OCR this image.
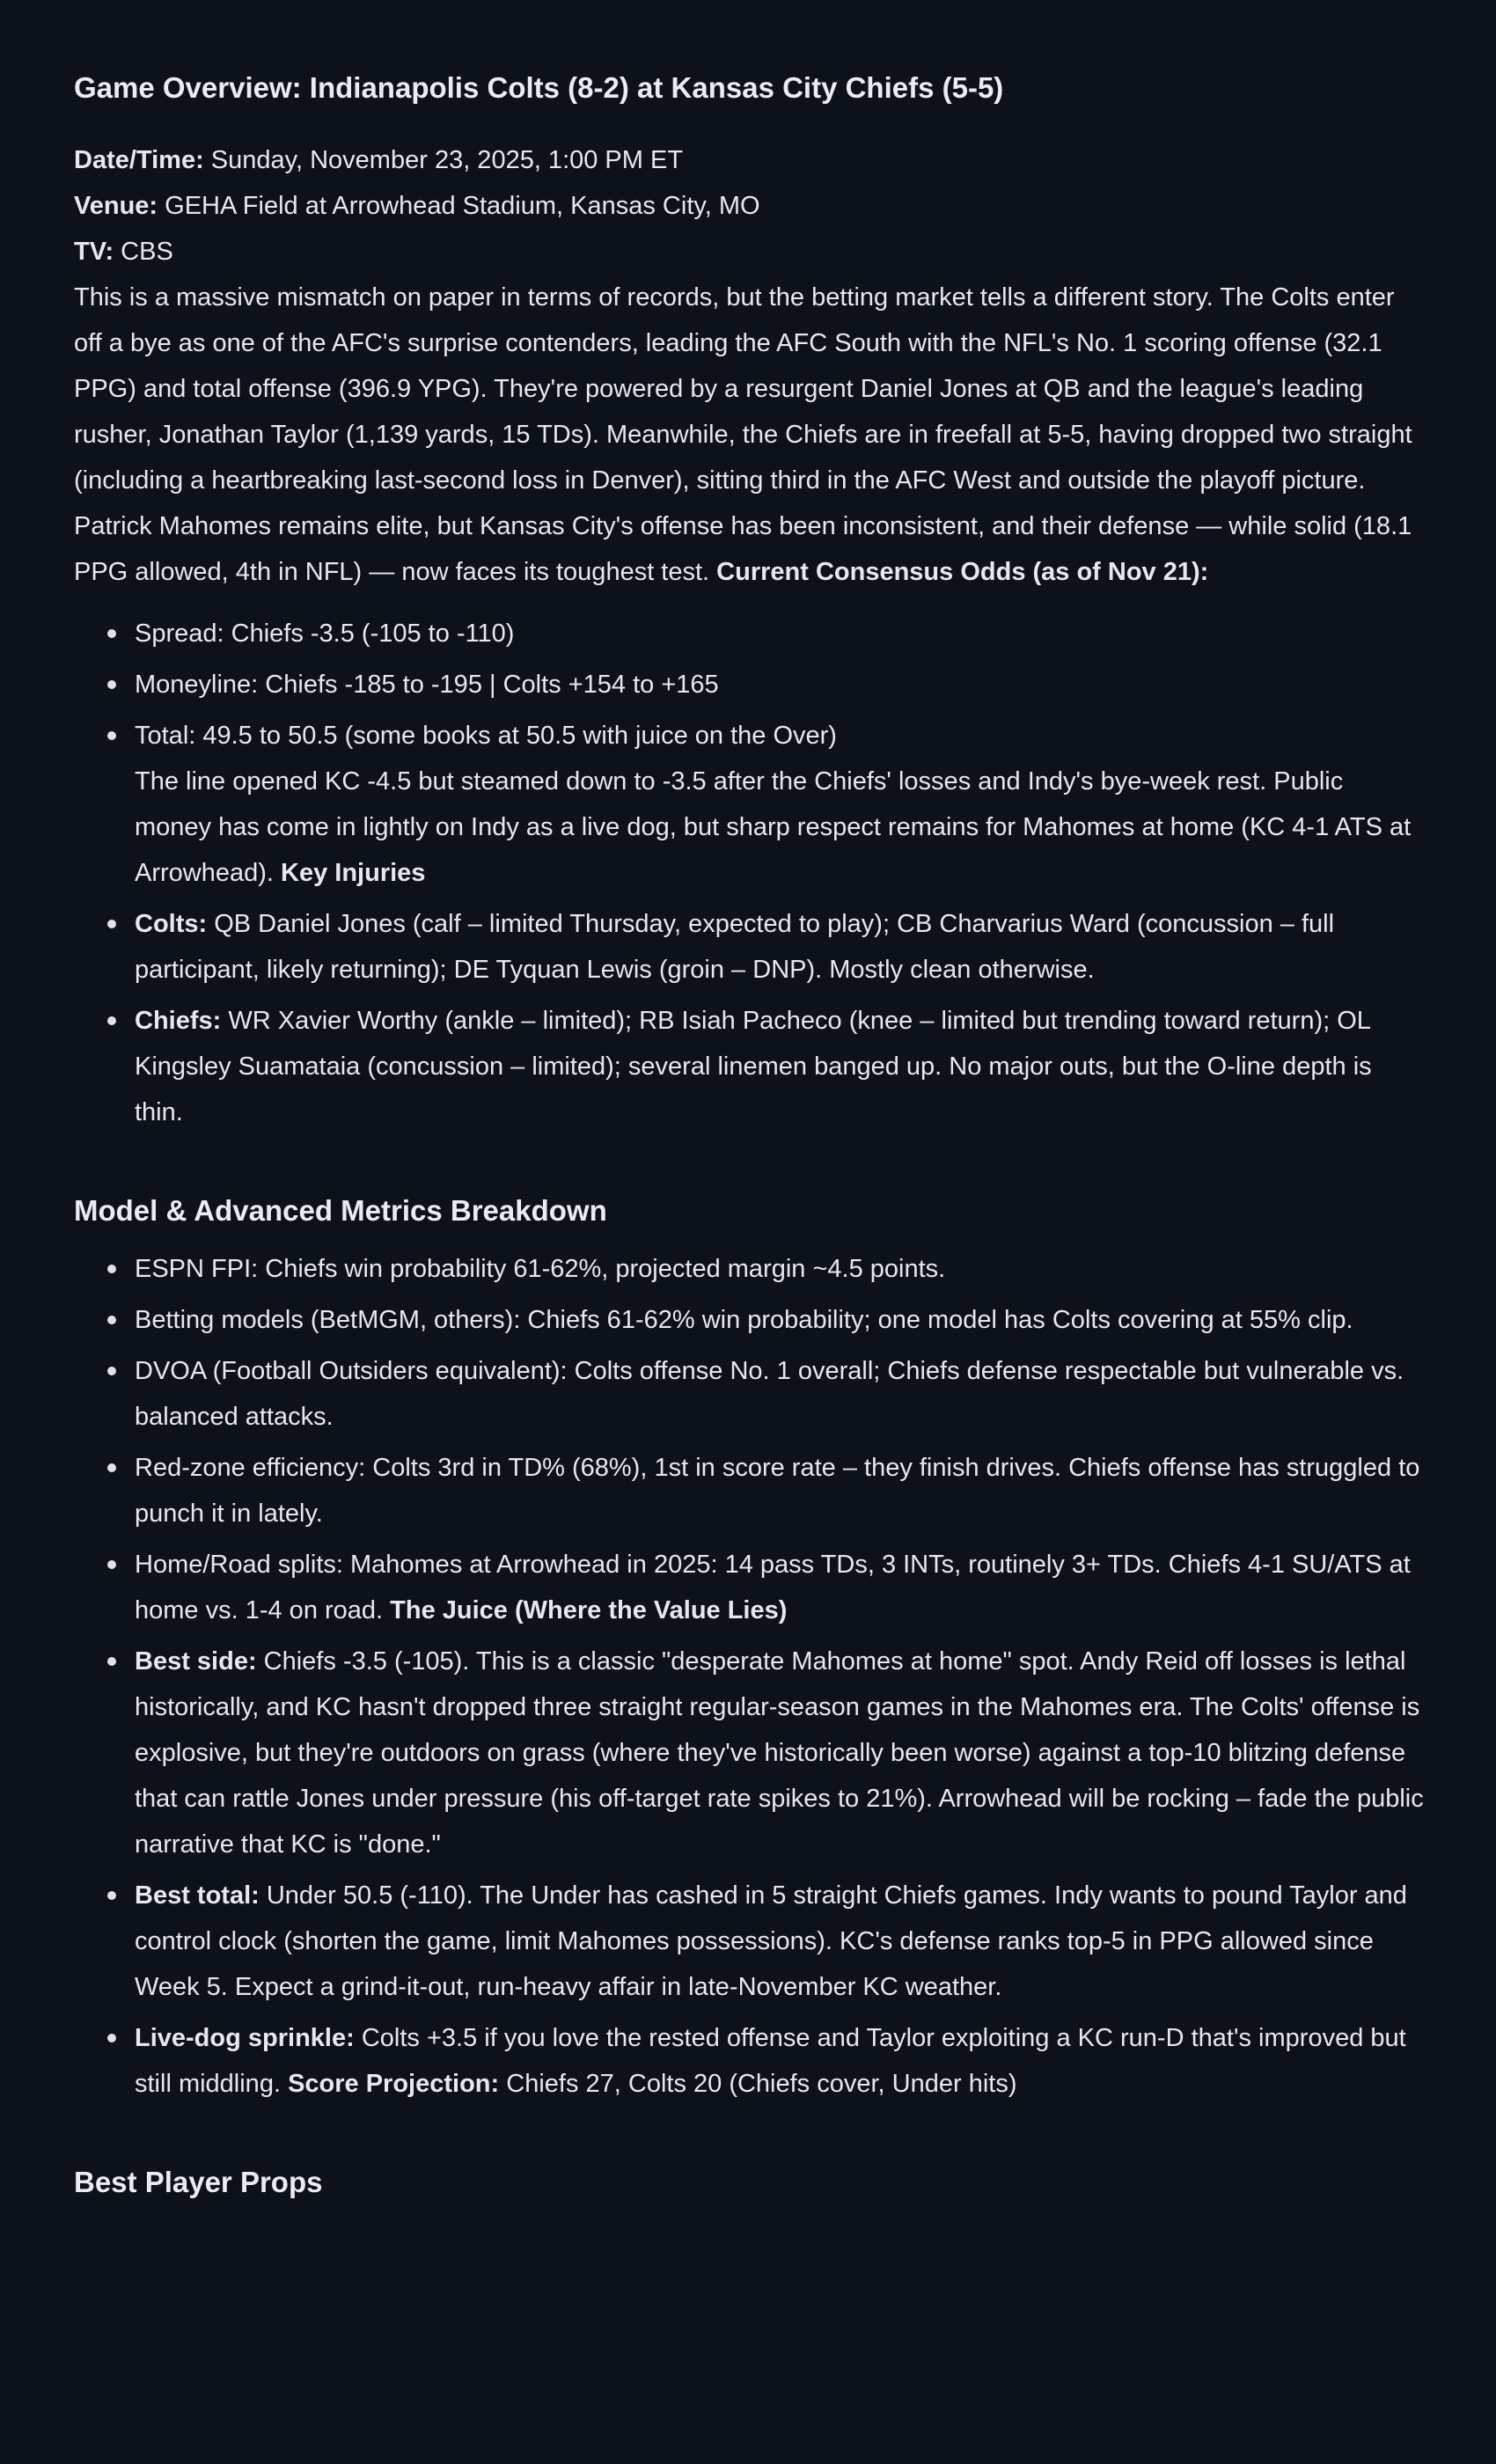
Game Overview: Indianapolis Colts (8-2) at Kansas City Chiefs (5-5)

Date/Time: Sunday, November 23, 2025, 1:00 PM ET
Venue: GEHA Field at Arrowhead Stadium, Kansas City, MO
TV: CBS
This is a massive mismatch on paper in terms of records, but the betting market tells a different story. The Colts enter off a bye as one of the AFC's surprise contenders, leading the AFC South with the NFL's No. 1 scoring offense (32.1 PPG) and total offense (396.9 YPG). They're powered by a resurgent Daniel Jones at QB and the league's leading rusher, Jonathan Taylor (1,139 yards, 15 TDs). Meanwhile, the Chiefs are in freefall at 5-5, having dropped two straight (including a heartbreaking last-second loss in Denver), sitting third in the AFC West and outside the playoff picture. Patrick Mahomes remains elite, but Kansas City's offense has been inconsistent, and their defense — while solid (18.1 PPG allowed, 4th in NFL) — now faces its toughest test. Current Consensus Odds (as of Nov 21):

Spread: Chiefs -3.5 (-105 to -110)
Moneyline: Chiefs -185 to -195 | Colts +154 to +165
Total: 49.5 to 50.5 (some books at 50.5 with juice on the Over)
The line opened KC -4.5 but steamed down to -3.5 after the Chiefs' losses and Indy's bye-week rest. Public money has come in lightly on Indy as a live dog, but sharp respect remains for Mahomes at home (KC 4-1 ATS at Arrowhead). Key Injuries
Colts: QB Daniel Jones (calf – limited Thursday, expected to play); CB Charvarius Ward (concussion – full participant, likely returning); DE Tyquan Lewis (groin – DNP). Mostly clean otherwise.
Chiefs: WR Xavier Worthy (ankle – limited); RB Isiah Pacheco (knee – limited but trending toward return); OL Kingsley Suamataia (concussion – limited); several linemen banged up. No major outs, but the O-line depth is thin.
Model & Advanced Metrics Breakdown
ESPN FPI: Chiefs win probability 61-62%, projected margin ~4.5 points.
Betting models (BetMGM, others): Chiefs 61-62% win probability; one model has Colts covering at 55% clip.
DVOA (Football Outsiders equivalent): Colts offense No. 1 overall; Chiefs defense respectable but vulnerable vs. balanced attacks.
Red-zone efficiency: Colts 3rd in TD% (68%), 1st in score rate – they finish drives. Chiefs offense has struggled to punch it in lately.
Home/Road splits: Mahomes at Arrowhead in 2025: 14 pass TDs, 3 INTs, routinely 3+ TDs. Chiefs 4-1 SU/ATS at home vs. 1-4 on road. The Juice (Where the Value Lies)
Best side: Chiefs -3.5 (-105). This is a classic "desperate Mahomes at home" spot. Andy Reid off losses is lethal historically, and KC hasn't dropped three straight regular-season games in the Mahomes era. The Colts' offense is explosive, but they're outdoors on grass (where they've historically been worse) against a top-10 blitzing defense that can rattle Jones under pressure (his off-target rate spikes to 21%). Arrowhead will be rocking – fade the public narrative that KC is "done."
Best total: Under 50.5 (-110). The Under has cashed in 5 straight Chiefs games. Indy wants to pound Taylor and control clock (shorten the game, limit Mahomes possessions). KC's defense ranks top-5 in PPG allowed since Week 5. Expect a grind-it-out, run-heavy affair in late-November KC weather.
Live-dog sprinkle: Colts +3.5 if you love the rested offense and Taylor exploiting a KC run-D that's improved but still middling. Score Projection: Chiefs 27, Colts 20 (Chiefs cover, Under hits)
Best Player Props
